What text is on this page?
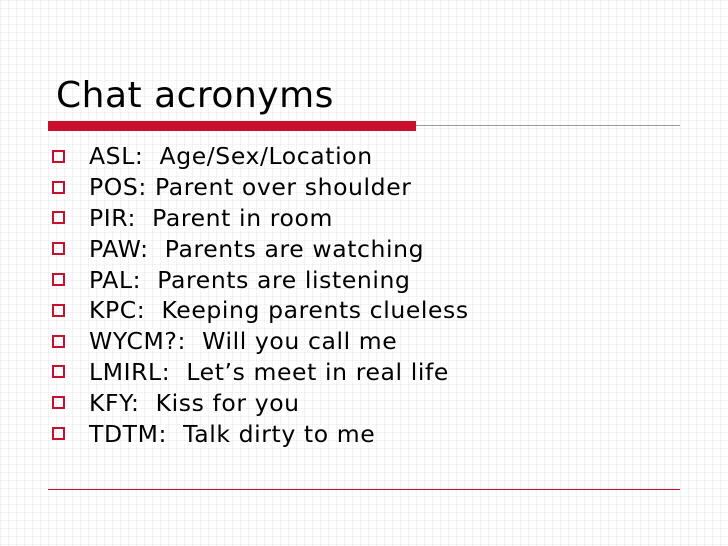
Chat acronyms
ASL:  Age/Sex/Location
POS: Parent over shoulder
PIR:  Parent in room
PAW:  Parents are watching
PAL:  Parents are listening
KPC:  Keeping parents clueless
WYCM?:  Will you call me
LMIRL:  Let’s meet in real life
KFY:  Kiss for you
TDTM:  Talk dirty to me
